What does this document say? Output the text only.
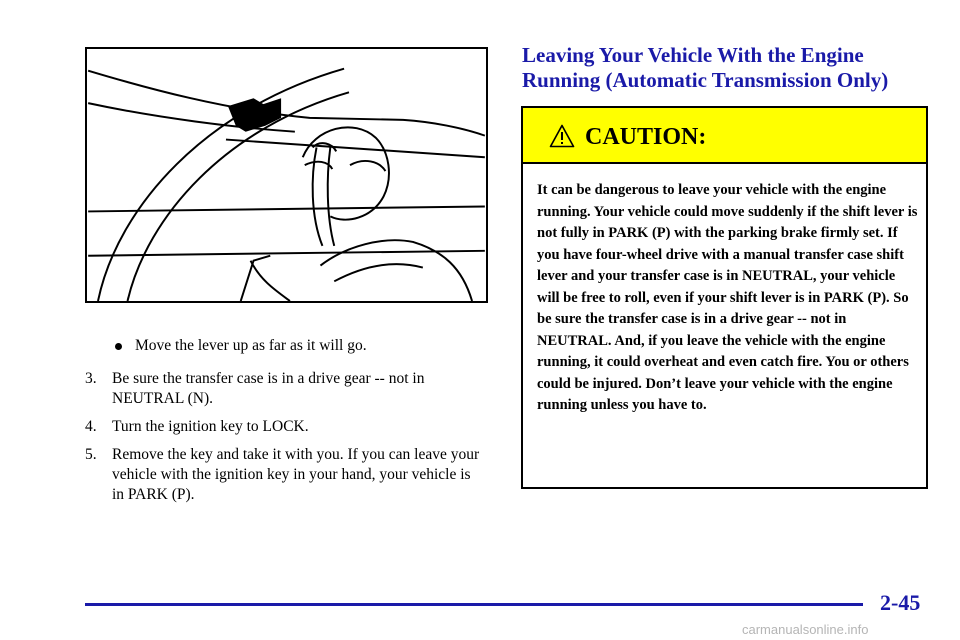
Move the lever up as far as it will go.
3. Be sure the transfer case is in a drive gear -- not in NEUTRAL (N).
4. Turn the ignition key to LOCK.
5. Remove the key and take it with you. If you can leave your vehicle with the ignition key in your hand, your vehicle is in PARK (P).
Leaving Your Vehicle With the Engine Running (Automatic Transmission Only)
CAUTION:
It can be dangerous to leave your vehicle with the engine running. Your vehicle could move suddenly if the shift lever is not fully in PARK (P) with the parking brake firmly set. If you have four-wheel drive with a manual transfer case shift lever and your transfer case is in NEUTRAL, your vehicle will be free to roll, even if your shift lever is in PARK (P). So be sure the transfer case is in a drive gear -- not in NEUTRAL. And, if you leave the vehicle with the engine running, it could overheat and even catch fire. You or others could be injured. Don’t leave your vehicle with the engine running unless you have to.
2-45
carmanualsonline.info
